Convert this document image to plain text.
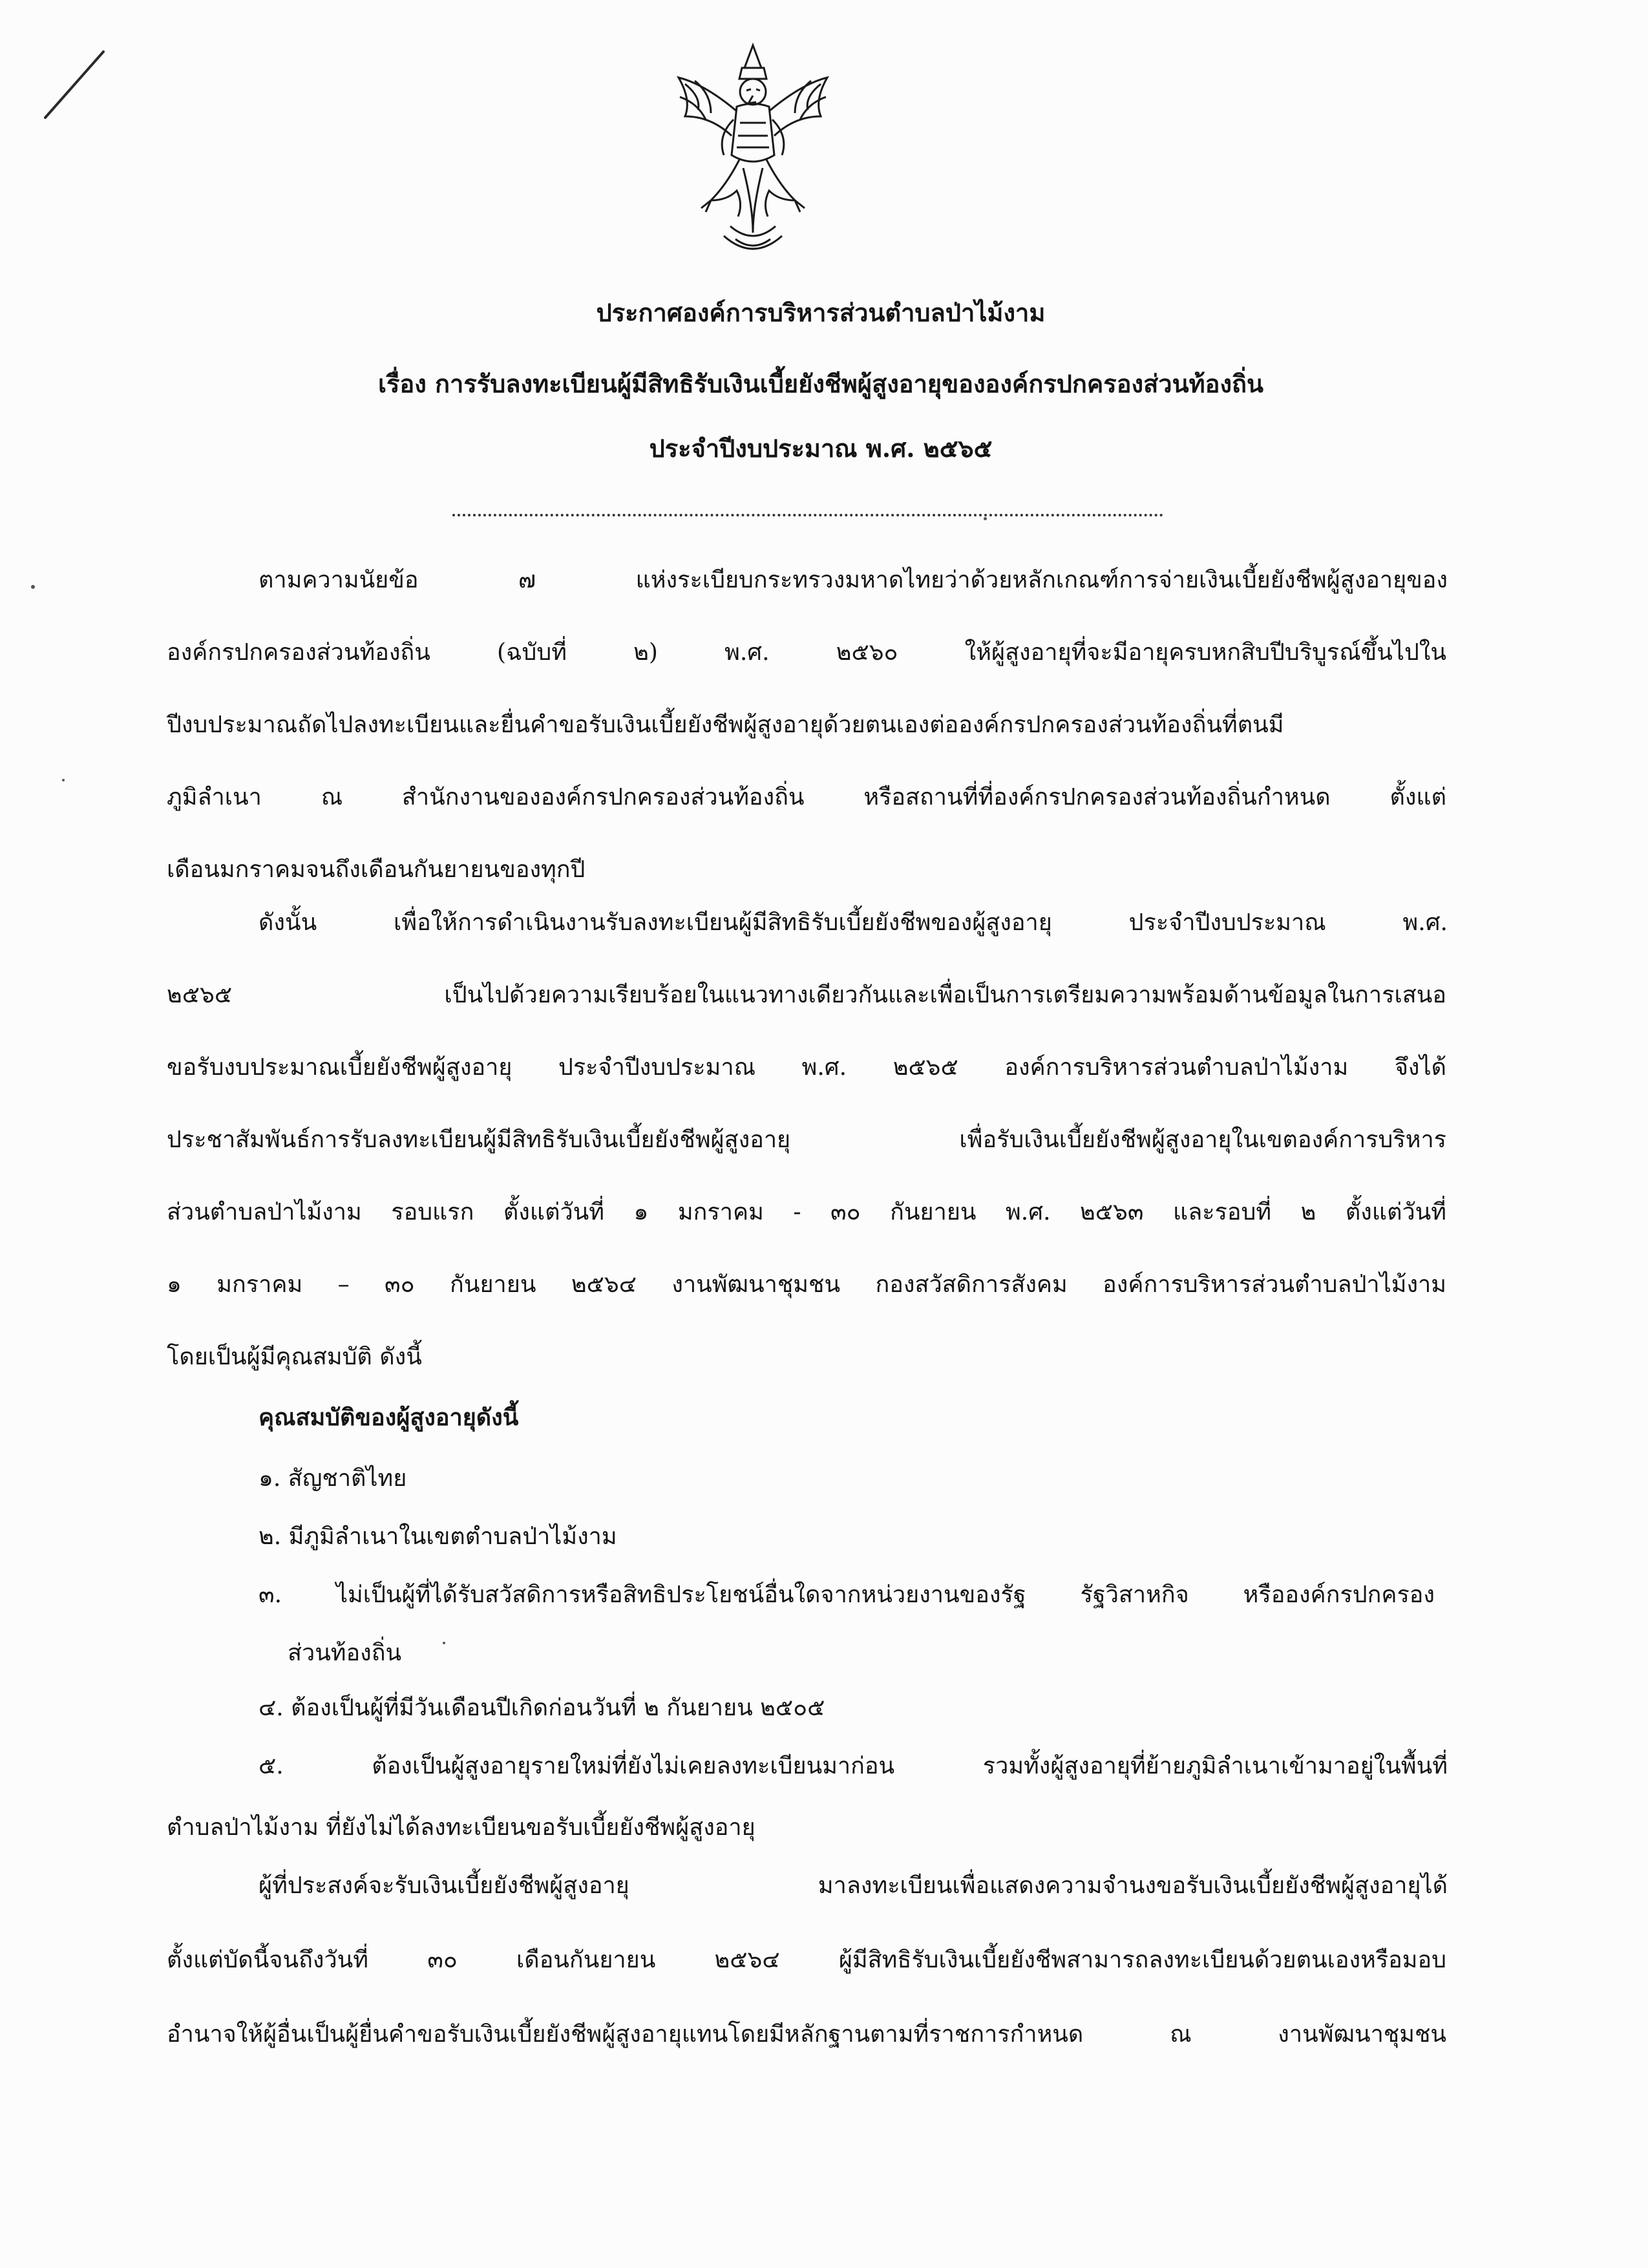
ประกาศองค์การบริหารส่วนตำบลป่าไม้งาม
เรื่อง การรับลงทะเบียนผู้มีสิทธิรับเงินเบี้ยยังชีพผู้สูงอายุขององค์กรปกครองส่วนท้องถิ่น
ประจำปีงบประมาณ พ.ศ. ๒๕๖๕
ตามความนัยข้อ ๗ แห่งระเบียบกระทรวงมหาดไทยว่าด้วยหลักเกณฑ์การจ่ายเงินเบี้ยยังชีพผู้สูงอายุของ
องค์กรปกครองส่วนท้องถิ่น (ฉบับที่ ๒) พ.ศ. ๒๕๖๐ ให้ผู้สูงอายุที่จะมีอายุครบหกสิบปีบริบูรณ์ขึ้นไปใน
ปีงบประมาณถัดไปลงทะเบียนและยื่นคำขอรับเงินเบี้ยยังชีพผู้สูงอายุด้วยตนเองต่อองค์กรปกครองส่วนท้องถิ่นที่ตนมี
ภูมิลำเนา ณ สำนักงานขององค์กรปกครองส่วนท้องถิ่น หรือสถานที่ที่องค์กรปกครองส่วนท้องถิ่นกำหนด ตั้งแต่
เดือนมกราคมจนถึงเดือนกันยายนของทุกปี
ดังนั้น เพื่อให้การดำเนินงานรับลงทะเบียนผู้มีสิทธิรับเบี้ยยังชีพของผู้สูงอายุ ประจำปีงบประมาณ พ.ศ.
๒๕๖๕ เป็นไปด้วยความเรียบร้อยในแนวทางเดียวกันและเพื่อเป็นการเตรียมความพร้อมด้านข้อมูลในการเสนอ
ขอรับงบประมาณเบี้ยยังชีพผู้สูงอายุ ประจำปีงบประมาณ พ.ศ. ๒๕๖๕ องค์การบริหารส่วนตำบลป่าไม้งาม จึงได้
ประชาสัมพันธ์การรับลงทะเบียนผู้มีสิทธิรับเงินเบี้ยยังชีพผู้สูงอายุ เพื่อรับเงินเบี้ยยังชีพผู้สูงอายุในเขตองค์การบริหาร
ส่วนตำบลป่าไม้งาม รอบแรก ตั้งแต่วันที่ ๑ มกราคม - ๓๐ กันยายน พ.ศ. ๒๕๖๓ และรอบที่ ๒ ตั้งแต่วันที่
๑ มกราคม – ๓๐ กันยายน ๒๕๖๔ งานพัฒนาชุมชน กองสวัสดิการสังคม องค์การบริหารส่วนตำบลป่าไม้งาม
โดยเป็นผู้มีคุณสมบัติ ดังนี้
คุณสมบัติของผู้สูงอายุดังนี้
๑. สัญชาติไทย
๒. มีภูมิลำเนาในเขตตำบลป่าไม้งาม
๓. ไม่เป็นผู้ที่ได้รับสวัสดิการหรือสิทธิประโยชน์อื่นใดจากหน่วยงานของรัฐ รัฐวิสาหกิจ หรือองค์กรปกครอง
ส่วนท้องถิ่น
๔. ต้องเป็นผู้ที่มีวันเดือนปีเกิดก่อนวันที่ ๒ กันยายน ๒๕๐๕
๕. ต้องเป็นผู้สูงอายุรายใหม่ที่ยังไม่เคยลงทะเบียนมาก่อน รวมทั้งผู้สูงอายุที่ย้ายภูมิลำเนาเข้ามาอยู่ในพื้นที่
ตำบลป่าไม้งาม ที่ยังไม่ได้ลงทะเบียนขอรับเบี้ยยังชีพผู้สูงอายุ
ผู้ที่ประสงค์จะรับเงินเบี้ยยังชีพผู้สูงอายุ มาลงทะเบียนเพื่อแสดงความจำนงขอรับเงินเบี้ยยังชีพผู้สูงอายุได้
ตั้งแต่บัดนี้จนถึงวันที่ ๓๐ เดือนกันยายน ๒๕๖๔ ผู้มีสิทธิรับเงินเบี้ยยังชีพสามารถลงทะเบียนด้วยตนเองหรือมอบ
อำนาจให้ผู้อื่นเป็นผู้ยื่นคำขอรับเงินเบี้ยยังชีพผู้สูงอายุแทนโดยมีหลักฐานตามที่ราชการกำหนด ณ งานพัฒนาชุมชน
